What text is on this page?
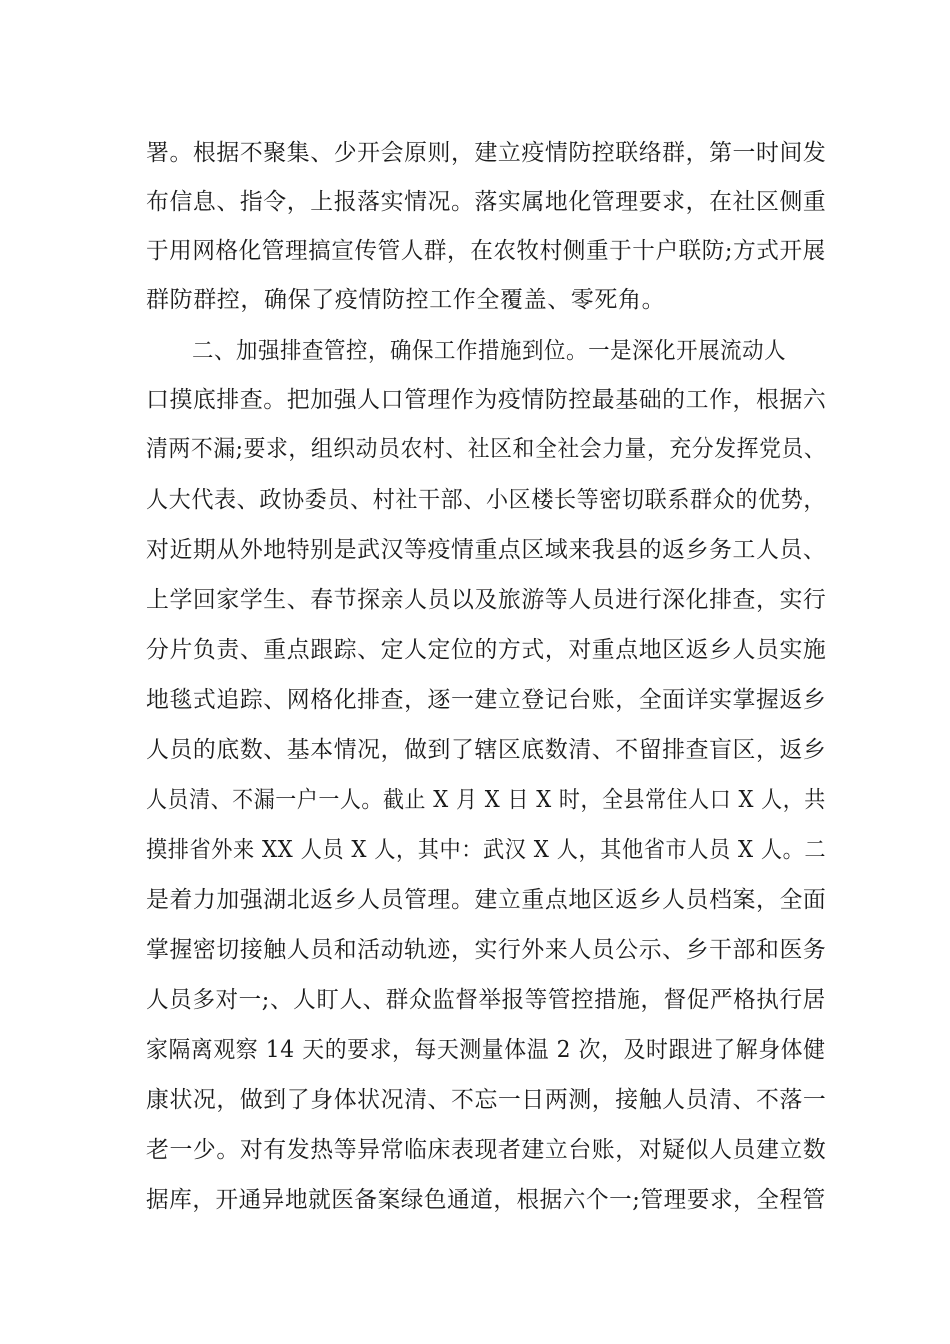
署。根据不聚集、少开会原则，建立疫情防控联络群，第一时间发
布信息、指令，上报落实情况。落实属地化管理要求，在社区侧重
于用网格化管理搞宣传管人群，在农牧村侧重于十户联防;方式开展
群防群控，确保了疫情防控工作全覆盖、零死角。
二、加强排查管控，确保工作措施到位。一是深化开展流动人
口摸底排查。把加强人口管理作为疫情防控最基础的工作，根据六
清两不漏;要求，组织动员农村、社区和全社会力量，充分发挥党员、
人大代表、政协委员、村社干部、小区楼长等密切联系群众的优势，
对近期从外地特别是武汉等疫情重点区域来我县的返乡务工人员、
上学回家学生、春节探亲人员以及旅游等人员进行深化排查，实行
分片负责、重点跟踪、定人定位的方式，对重点地区返乡人员实施
地毯式追踪、网格化排查，逐一建立登记台账，全面详实掌握返乡
人员的底数、基本情况，做到了辖区底数清、不留排查盲区，返乡
人员清、不漏一户一人。截止 X 月 X 日 X 时，全县常住人口 X 人，共
摸排省外来 XX 人员 X 人，其中：武汉 X 人，其他省市人员 X 人。二
是着力加强湖北返乡人员管理。建立重点地区返乡人员档案，全面
掌握密切接触人员和活动轨迹，实行外来人员公示、乡干部和医务
人员多对一;、人盯人、群众监督举报等管控措施，督促严格执行居
家隔离观察 14 天的要求，每天测量体温 2 次，及时跟进了解身体健
康状况，做到了身体状况清、不忘一日两测，接触人员清、不落一
老一少。对有发热等异常临床表现者建立台账，对疑似人员建立数
据库，开通异地就医备案绿色通道，根据六个一;管理要求，全程管
